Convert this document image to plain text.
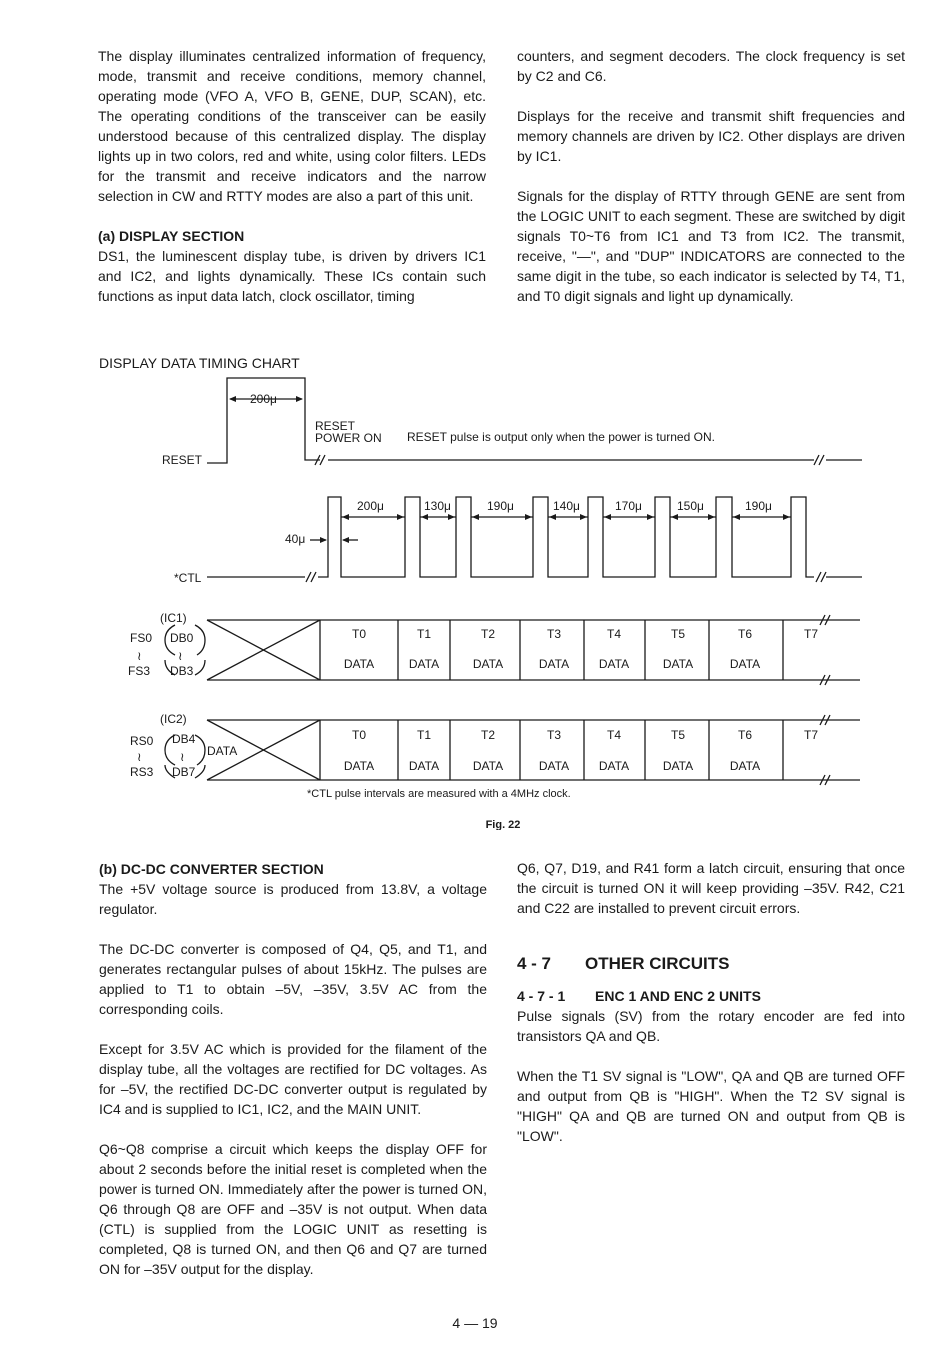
The display illuminates centralized information of frequency, mode, transmit and receive conditions, memory channel, operating mode (VFO A, VFO B, GENE, DUP, SCAN), etc. The operating conditions of the transceiver can be easily understood because of this centralized display. The display lights up in two colors, red and white, using color filters. LEDs for the transmit and receive indicators and the narrow selection in CW and RTTY modes are also a part of this unit.

(a) DISPLAY SECTION

DS1, the luminescent display tube, is driven by drivers IC1 and IC2, and lights dynamically. These ICs contain such functions as input data latch, clock oscillator, timing

counters, and segment decoders. The clock frequency is set by C2 and C6.

Displays for the receive and transmit shift frequencies and memory channels are driven by IC2. Other displays are driven by IC1.

Signals for the display of RTTY through GENE are sent from the LOGIC UNIT to each segment. These are switched by digit signals T0~T6 from IC1 and T3 from IC2. The transmit, receive, "—", and "DUP" INDICATORS are connected to the same digit in the tube, so each indicator is selected by T4, T1, and T0 digit signals and light up dynamically.

DISPLAY DATA TIMING CHART

200μ
RESET
POWER ON RESET pulse is output only when the power is turned ON.
RESET
*CTL
40μ
200μ	130μ	190μ	140μ	170μ	150μ	190μ
(IC1)
FS0
≀
FS3
DB0
≀
DB3
(IC2)
RS0
≀
RS3
DB4
≀
DB7
DATA
T0	T1	T2	T3	T4	T5	T6	T7
DATA	DATA	DATA	DATA DATA	DATA	DATA
T0	T1	T2	T3	T4	T5	T6	T7
DATA	DATA	DATA	DATA DATA	DATA	DATA
*CTL pulse intervals are measured with a 4MHz clock.
Fig. 22

(b) DC-DC CONVERTER SECTION

The +5V voltage source is produced from 13.8V, a voltage regulator.

The DC-DC converter is composed of Q4, Q5, and T1, and generates rectangular pulses of about 15kHz. The pulses are applied to T1 to obtain –5V, –35V, 3.5V AC from the corresponding coils.

Except for 3.5V AC which is provided for the filament of the display tube, all the voltages are rectified for DC voltages. As for –5V, the rectified DC-DC converter output is regulated by IC4 and is supplied to IC1, IC2, and the MAIN UNIT.

Q6~Q8 comprise a circuit which keeps the display OFF for about 2 seconds before the initial reset is completed when the power is turned ON. Immediately after the power is turned ON, Q6 through Q8 are OFF and –35V is not output. When data (CTL) is supplied from the LOGIC UNIT as resetting is completed, Q8 is turned ON, and then Q6 and Q7 are turned ON for –35V output for the display.

Q6, Q7, D19, and R41 form a latch circuit, ensuring that once the circuit is turned ON it will keep providing –35V. R42, C21 and C22 are installed to prevent circuit errors.

4 - 7 OTHER CIRCUITS

4 - 7 - 1 ENC 1 AND ENC 2 UNITS

Pulse signals (SV) from the rotary encoder are fed into transistors QA and QB.

When the T1 SV signal is "LOW", QA and QB are turned OFF and output from QB is "HIGH". When the T2 SV signal is "HIGH" QA and QB are turned ON and output from QB is "LOW".

4 — 19
